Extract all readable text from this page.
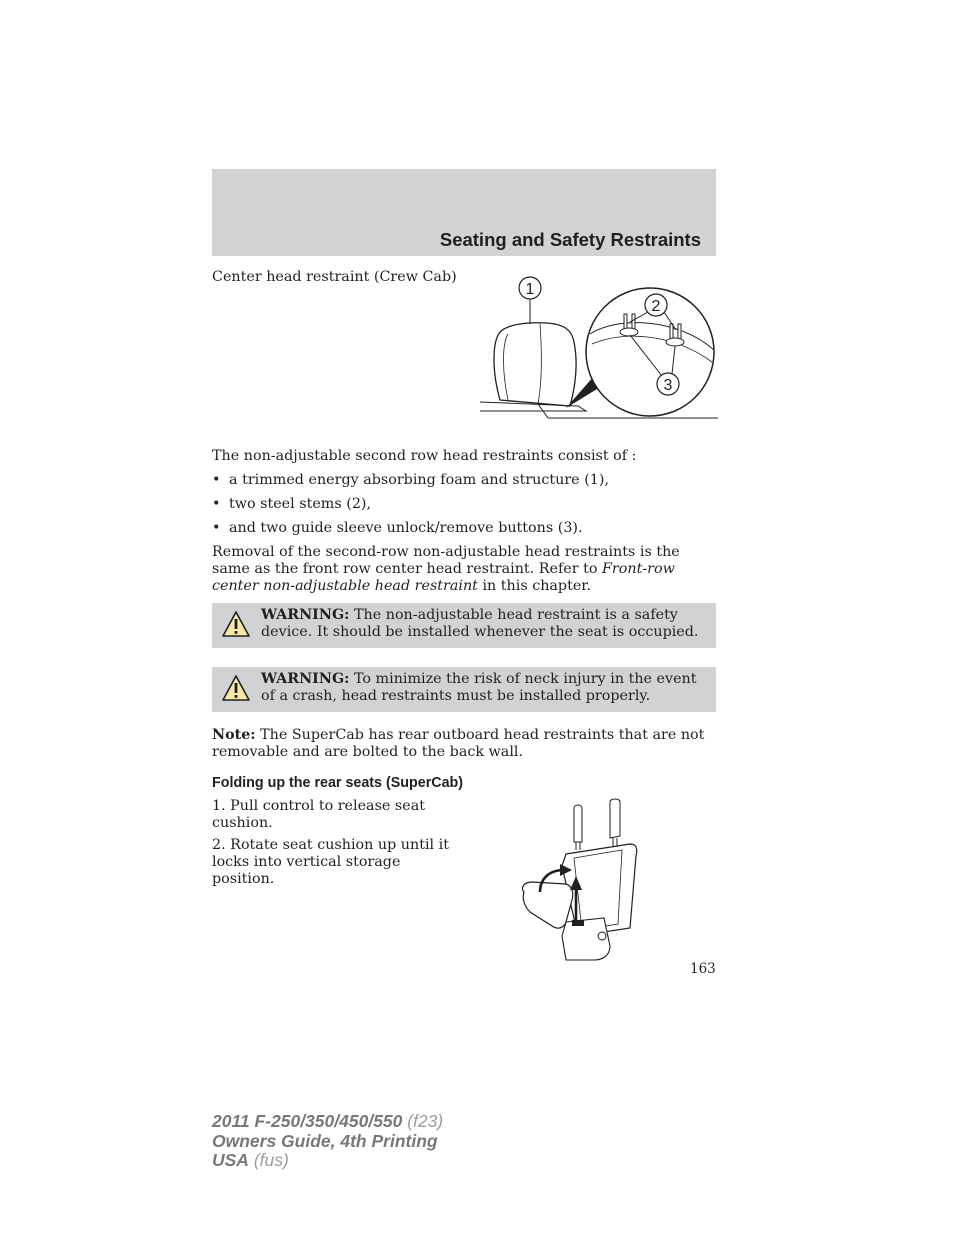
Seating and Safety Restraints
Center head restraint (Crew Cab)
1
2
3
The non-adjustable second row head restraints consist of :
• a trimmed energy absorbing foam and structure (1),
• two steel stems (2),
• and two guide sleeve unlock/remove buttons (3).
Removal of the second-row non-adjustable head restraints is the same as the front row center head restraint. Refer to Front-row center non-adjustable head restraint in this chapter.
WARNING: The non-adjustable head restraint is a safety device. It should be installed whenever the seat is occupied.
WARNING: To minimize the risk of neck injury in the event of a crash, head restraints must be installed properly.
Note: The SuperCab has rear outboard head restraints that are not removable and are bolted to the back wall.
Folding up the rear seats (SuperCab)
1. Pull control to release seat cushion.
2. Rotate seat cushion up until it locks into vertical storage position.
163
2011 F-250/350/450/550 (f23)
Owners Guide, 4th Printing
USA (fus)
